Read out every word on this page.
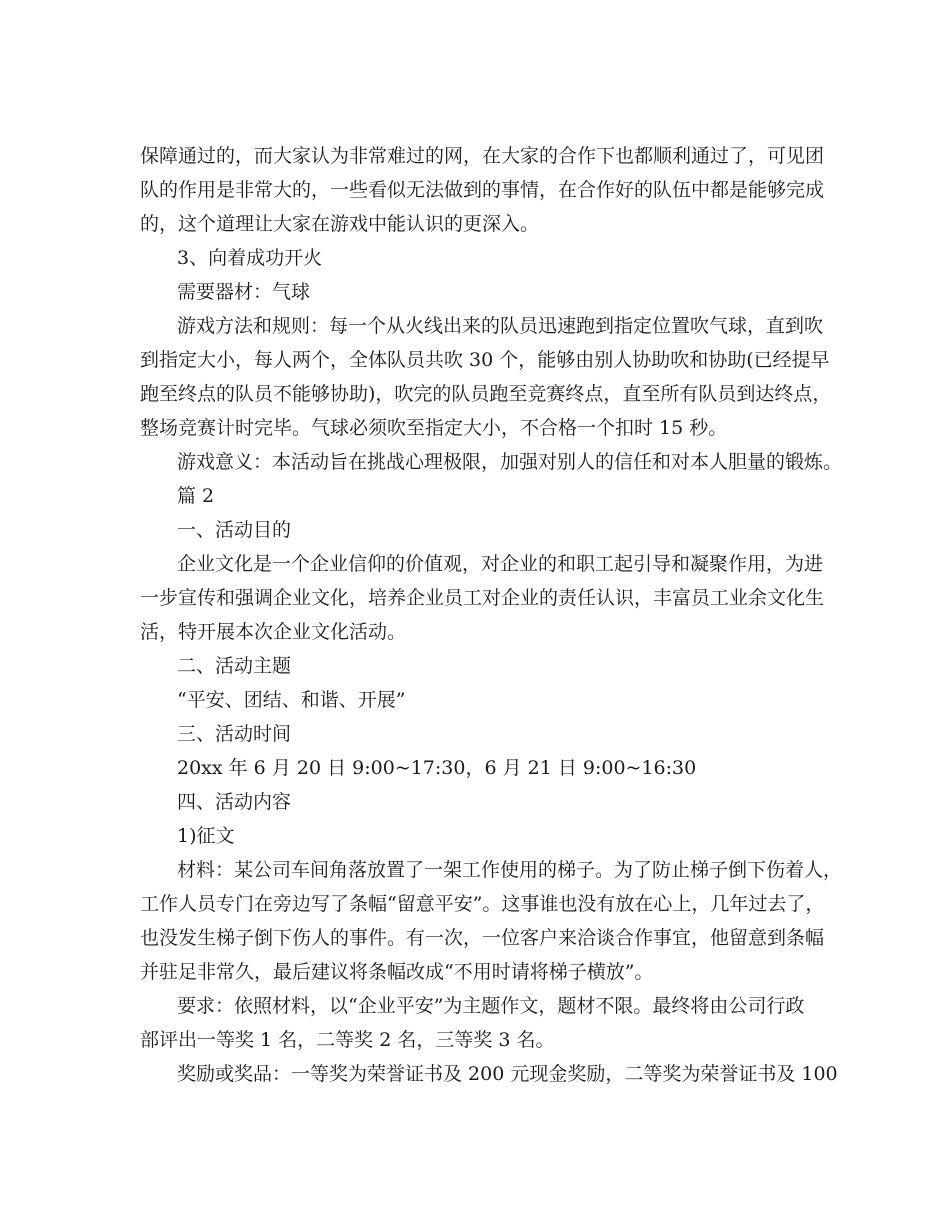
保障通过的，而大家认为非常难过的网，在大家的合作下也都顺利通过了，可见团
队的作用是非常大的，一些看似无法做到的事情，在合作好的队伍中都是能够完成
的，这个道理让大家在游戏中能认识的更深入。
3、向着成功开火
需要器材：气球
游戏方法和规则：每一个从火线出来的队员迅速跑到指定位置吹气球，直到吹
到指定大小，每人两个，全体队员共吹 30 个，能够由别人协助吹和协助(已经提早
跑至终点的队员不能够协助)，吹完的队员跑至竞赛终点，直至所有队员到达终点，
整场竞赛计时完毕。气球必须吹至指定大小，不合格一个扣时 15 秒。
游戏意义：本活动旨在挑战心理极限，加强对别人的信任和对本人胆量的锻炼。
篇 2
一、活动目的
企业文化是一个企业信仰的价值观，对企业的和职工起引导和凝聚作用，为进
一步宣传和强调企业文化，培养企业员工对企业的责任认识，丰富员工业余文化生
活，特开展本次企业文化活动。
二、活动主题
“平安、团结、和谐、开展”
三、活动时间
20xx 年 6 月 20 日 9:00~17:30，6 月 21 日 9:00~16:30
四、活动内容
1)征文
材料：某公司车间角落放置了一架工作使用的梯子。为了防止梯子倒下伤着人，
工作人员专门在旁边写了条幅“留意平安”。这事谁也没有放在心上，几年过去了，
也没发生梯子倒下伤人的事件。有一次，一位客户来洽谈合作事宜，他留意到条幅
并驻足非常久，最后建议将条幅改成“不用时请将梯子横放”。
要求：依照材料，以“企业平安”为主题作文，题材不限。最终将由公司行政
部评出一等奖 1 名，二等奖 2 名，三等奖 3 名。
奖励或奖品：一等奖为荣誉证书及 200 元现金奖励，二等奖为荣誉证书及 100
